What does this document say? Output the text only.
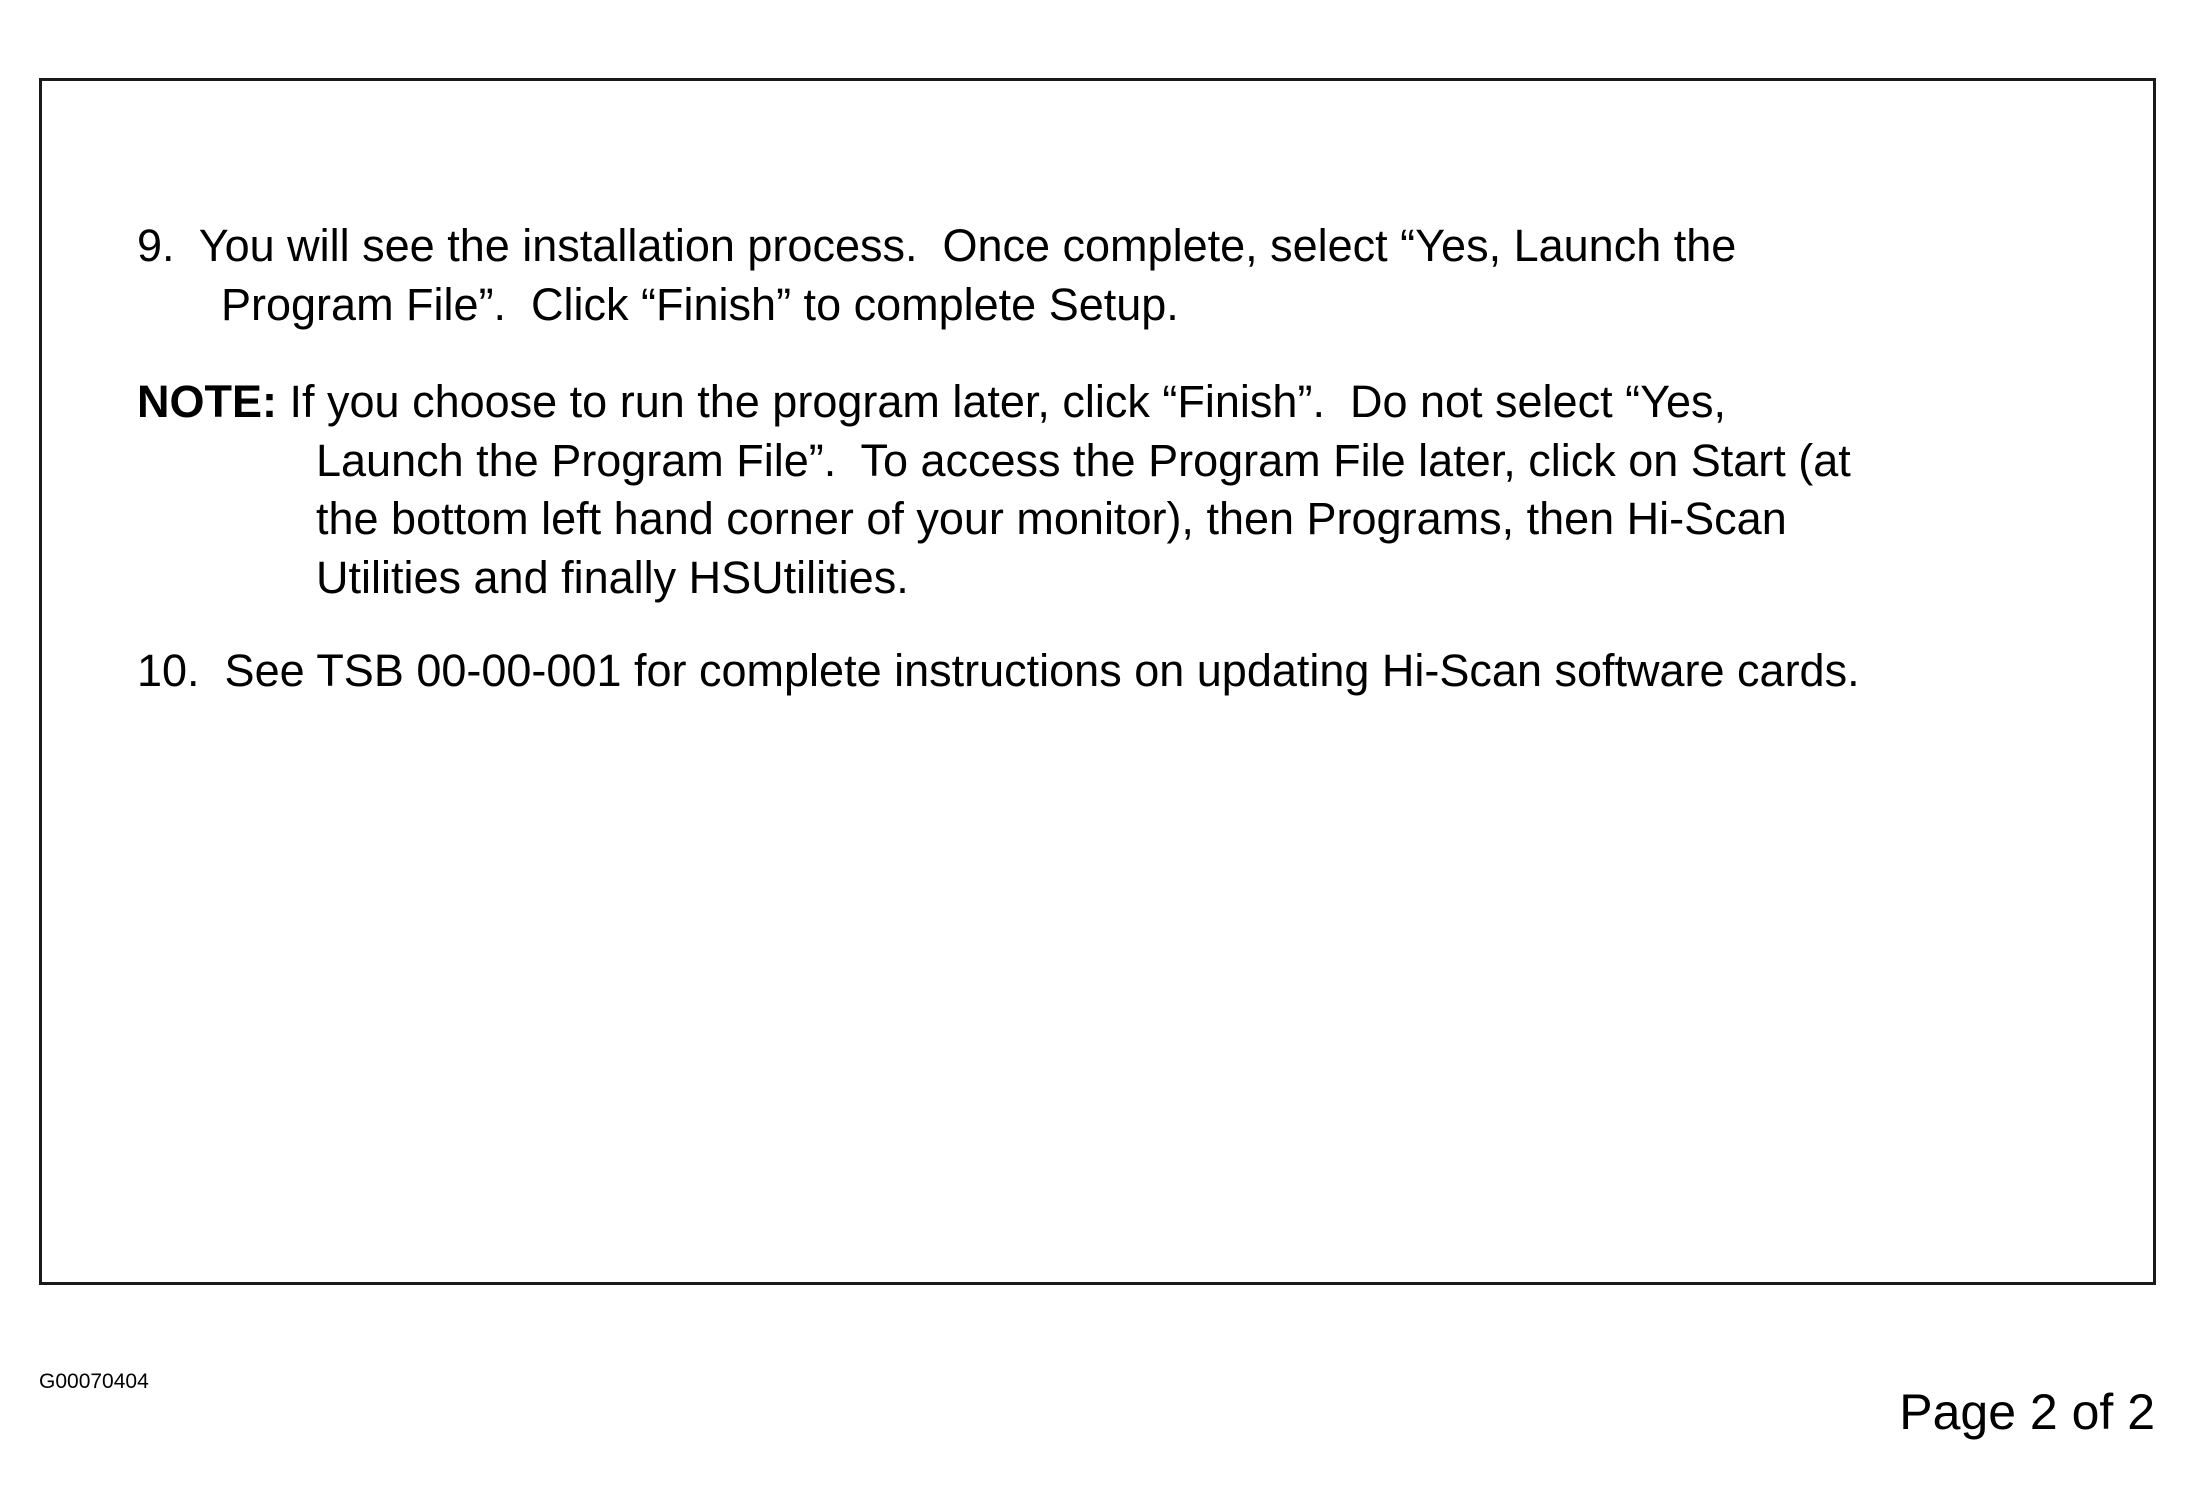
9.  You will see the installation process.  Once complete, select “Yes, Launch the
Program File”.  Click “Finish” to complete Setup.
NOTE: If you choose to run the program later, click “Finish”.  Do not select “Yes,
Launch the Program File”.  To access the Program File later, click on Start (at
the bottom left hand corner of your monitor), then Programs, then Hi-Scan
Utilities and finally HSUtilities.
10.  See TSB 00-00-001 for complete instructions on updating Hi-Scan software cards.
G00070404
Page 2 of 2
